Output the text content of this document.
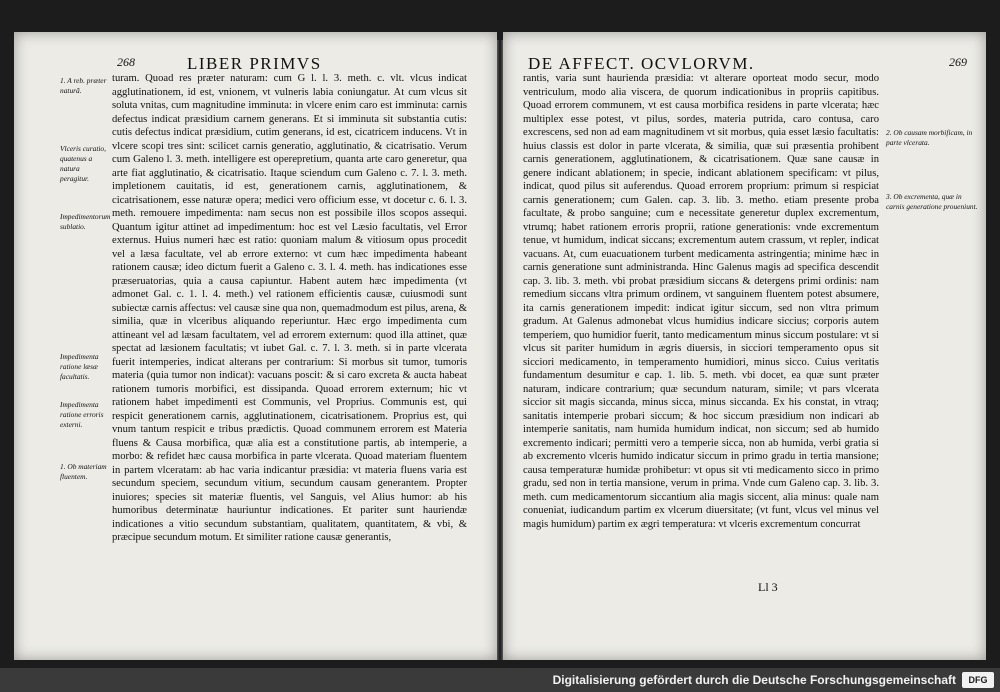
268	LIBER PRIMVS
1. A reb. præter naturā.
Vlceris curatio, quatenus a natura peragitur.
Impedimentorum sublatio.
Impedimenta ratione læsæ facultatis.
Impedimenta ratione erroris externi.
1. Ob materiam fluentem.

turam. Quoad res præter naturam: cum G l. l. 3. meth. c. vlt. vlcus indicat agglutinationem, id est, vnionem, vt vulneris labia coniungatur. At cum vlcus sit soluta vnitas, cum magnitudine imminuta: in vlcere enim caro est imminuta: carnis defectus indicat præsidium carnem generans. Et si imminuta sit substantia cutis: cutis defectus indicat præsidium, cutim generans, id est, cicatricem inducens. Vt in vlcere scopi tres sint: scilicet carnis generatio, agglutinatio, & cicatrisatio. Verum cum Galeno l. 3. meth. intelligere est operepretium, quanta arte caro generetur, qua arte fiat agglutinatio, & cicatrisatio. Itaque sciendum cum Galeno c. 7. l. 3. meth. impletionem cauitatis, id est, generationem carnis, agglutinationem, & cicatrisationem, esse naturæ opera; medici vero officium esse, vt docetur c. 6. l. 3. meth. remouere impedimenta: nam secus non est possibile illos scopos assequi. Quantum igitur attinet ad impedimentum: hoc est vel Læsio facultatis, vel Error externus. Huius numeri hæc est ratio: quoniam malum & vitiosum opus procedit vel a læsa facultate, vel ab errore externo: vt cum hæc impedimenta habeant rationem causæ; ideo dictum fuerit a Galeno c. 3. l. 4. meth. has indicationes esse præseruatorias, quia a causa capiuntur. Habent autem hæc impedimenta (vt admonet Gal. c. 1. l. 4. meth.) vel rationem efficientis causæ, cuiusmodi sunt subiectæ carnis affectus: vel causæ sine qua non, quemadmodum est pilus, arena, & similia, quæ in vlceribus aliquando reperiuntur. Hæc ergo impedimenta cum attineant vel ad læsam facultatem, vel ad errorem externum: quod illa attinet, quæ spectat ad læsionem facultatis; vt iubet Gal. c. 7. l. 3. meth. si in parte vlcerata fuerit intemperies, indicat alterans per contrarium: Si morbus sit tumor, tumoris materia (quia tumor non indicat): vacuans poscit: & si caro excreta & aucta habeat rationem tumoris morbifici, est dissipanda. Quoad errorem externum; hic vt rationem habet impedimenti est Communis, vel Proprius. Communis est, qui respicit generationem carnis, agglutinationem, cicatrisationem. Proprius est, qui vnum tantum respicit e tribus prædictis. Quoad communem errorem est Materia fluens & Causa morbifica, quæ alia est a constitutione partis, ab intemperie, a morbo: & refidet hæc causa morbifica in parte vlcerata. Quoad materiam fluentem in partem vlceratam: ab hac varia indicantur præsidia: vt materia fluens varia est secundum speciem, secundum vitium, secundum causam generantem. Propter inuiores; species sit materiæ fluentis, vel Sanguis, vel Alius humor: ab his humoribus determinatæ hauriuntur indicationes. Et pariter sunt hauriendæ indicationes a vitio secundum substantiam, qualitatem, quantitatem, & vbi, & præcipue secundum motum. Et similiter ratione causæ generantis,

DE AFFECT. OCVLORVM.	269
2. Ob causam morbificam, in parte vlcerata.
3. Ob excrementa, quæ in carnis generatione proueniunt.

rantis, varia sunt haurienda præsidia: vt alterare oporteat modo secur, modo ventriculum, modo alia viscera, de quorum indicationibus in propriis capitibus. Quoad errorem communem, vt est causa morbifica residens in parte vlcerata; hæc multiplex esse potest, vt pilus, sordes, materia putrida, caro contusa, caro excrescens, sed non ad eam magnitudinem vt sit morbus, quia esset læsio facultatis: huius classis est dolor in parte vlcerata, & similia, quæ sui præsentia prohibent carnis generationem, agglutinationem, & cicatrisationem. Quæ sane causæ in genere indicant ablationem; in specie, indicant ablationem specificam: vt pilus, indicat, quod pilus sit auferendus. Quoad errorem proprium: primum si respiciat carnis generationem; cum Galen. cap. 3. lib. 3. metho. etiam presente proba facultate, & probo sanguine; cum e necessitate generetur duplex excrementum, vtrumq; habet rationem erroris proprii, ratione generationis: vnde excrementum tenue, vt humidum, indicat siccans; excrementum autem crassum, vt repler, indicat vacuans. At, cum euacuationem turbent medicamenta astringentia; minime hæc in carnis generatione sunt administranda. Hinc Galenus magis ad specifica descendit cap. 3. lib. 3. meth. vbi probat præsidium siccans & detergens primi ordinis: nam remedium siccans vltra primum ordinem, vt sanguinem fluentem potest absumere, ita carnis generationem impedit: indicat igitur siccum, sed non vltra primum gradum. At Galenus admonebat vlcus humidius indicare siccius; corporis autem temperiem, quo humidior fuerit, tanto medicamentum minus siccum postulare: vt si vlcus sit pariter humidum in ægris diuersis, in sicciori temperamento opus sit sicciori medicamento, in temperamento humidiori, minus sicco. Cuius veritatis fundamentum desumitur e cap. 1. lib. 5. meth. vbi docet, ea quæ sunt præter naturam, indicare contrarium; quæ secundum naturam, simile; vt pars vlcerata siccior sit magis siccanda, minus sicca, minus siccanda. Ex his constat, in vtraq; sanitatis intemperie probari siccum; & hoc siccum præsidium non indicari ab intemperie sanitatis, nam humida humidum indicat, non siccum; sed ab humido excremento indicari; permitti vero a temperie sicca, non ab humida, verbi gratia si ab excremento vlceris humido indicatur siccum in primo gradu in tertia mansione; causa temperaturæ humidæ prohibetur: vt opus sit vti medicamento sicco in primo gradu, sed non in tertia mansione, verum in prima. Vnde cum Galeno cap. 3. lib. 3. meth. cum medicamentorum siccantium alia magis siccent, alia minus: quale nam conueniat, iudicandum partim ex vlcerum diuersitate; (vt funt, vlcus vel minus vel magis humidum) partim ex ægri temperatura: vt vlceris excrementum concurrat

Ll 3
Digitalisierung gefördert durch die Deutsche Forschungsgemeinschaft	DFG
